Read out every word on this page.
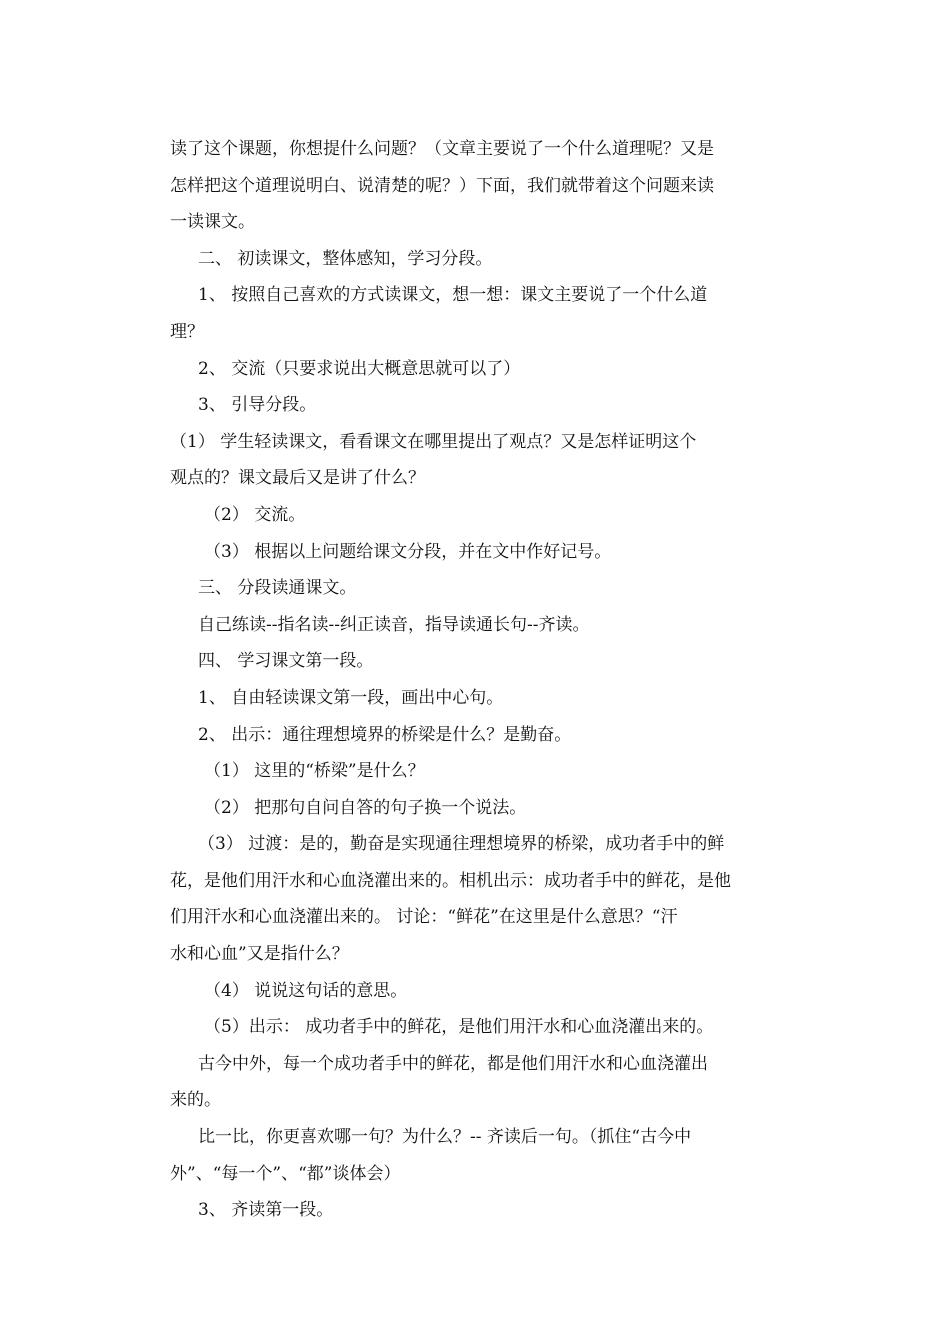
读了这个课题，你想提什么问题？（文章主要说了一个什么道理呢？又是
怎样把这个道理说明白、说清楚的呢？）下面，我们就带着这个问题来读
一读课文。
二、 初读课文，整体感知，学习分段。
1、 按照自己喜欢的方式读课文，想一想：课文主要说了一个什么道
理？
2、 交流（只要求说出大概意思就可以了）
3、 引导分段。
（1） 学生轻读课文，看看课文在哪里提出了观点？又是怎样证明这个
观点的？课文最后又是讲了什么？
（2） 交流。
（3） 根据以上问题给课文分段，并在文中作好记号。
三、 分段读通课文。
自己练读--指名读--纠正读音，指导读通长句--齐读。
四、 学习课文第一段。
1、 自由轻读课文第一段，画出中心句。
2、 出示：通往理想境界的桥梁是什么？是勤奋。
（1） 这里的“桥梁”是什么？
（2） 把那句自问自答的句子换一个说法。
（3） 过渡：是的，勤奋是实现通往理想境界的桥梁，成功者手中的鲜
花，是他们用汗水和心血浇灌出来的。相机出示：成功者手中的鲜花，是他
们用汗水和心血浇灌出来的。 讨论：“鲜花”在这里是什么意思？“汗
水和心血”又是指什么？
（4） 说说这句话的意思。
（5）出示： 成功者手中的鲜花，是他们用汗水和心血浇灌出来的。
古今中外，每一个成功者手中的鲜花，都是他们用汗水和心血浇灌出
来的。
比一比，你更喜欢哪一句？为什么？-- 齐读后一句。（抓住“古今中
外”、“每一个”、“都”谈体会）
3、 齐读第一段。
